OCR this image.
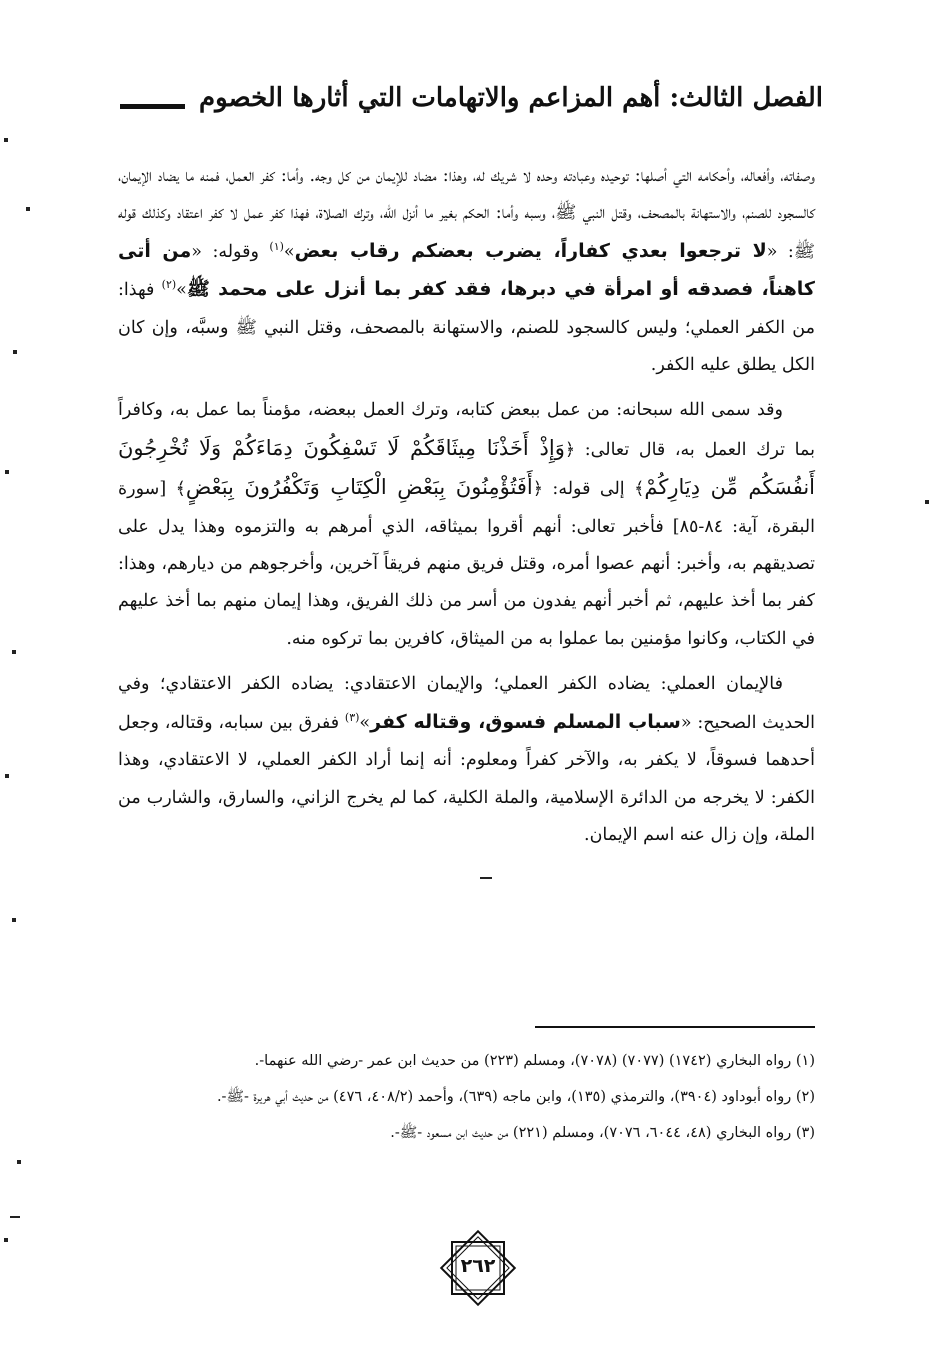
الفصل الثالث: أهم المزاعم والاتهامات التي أثارها الخصوم

وصفاته، وأفعاله، وأحكامه التي أصلها: توحيده وعبادته وحده لا شريك له، وهذا: مضاد للإيمان من كل وجه. وأما: كفر العمل، فمنه ما يضاد الإيمان، كالسجود للصنم، والاستهانة بالمصحف، وقتل النبي ﷺ، وسبه وأما: الحكم بغير ما أنزل الله، وترك الصلاة، فهذا كفر عمل لا كفر اعتقاد وكذلك قوله ﷺ: «لا ترجعوا بعدي كفاراً، يضرب بعضكم رقاب بعض»$^{(١)}$ وقوله: «من أتى كاهناً، فصدقه أو امرأة في دبرها، فقد كفر بما أنزل على محمد ﷺ»$^{(٢)}$ فهذا: من الكفر العملي؛ وليس كالسجود للصنم، والاستهانة بالمصحف، وقتل النبي ﷺ وسبَّه، وإن كان الكل يطلق عليه الكفر.

وقد سمى الله سبحانه: من عمل ببعض كتابه، وترك العمل ببعضه، مؤمناً بما عمل به، وكافراً بما ترك العمل به، قال تعالى: ﴿وَإِذْ أَخَذْنَا مِيثَاقَكُمْ لَا تَسْفِكُونَ دِمَاءَكُمْ وَلَا تُخْرِجُونَ أَنفُسَكُم مِّن دِيَارِكُمْ﴾ إلى قوله: ﴿أَفَتُؤْمِنُونَ بِبَعْضِ الْكِتَابِ وَتَكْفُرُونَ بِبَعْضٍ﴾ [سورة البقرة، آية: ٨٤-٨٥] فأخبر تعالى: أنهم أقروا بميثاقه، الذي أمرهم به والتزموه وهذا يدل على تصديقهم به، وأخبر: أنهم عصوا أمره، وقتل فريق منهم فريقاً آخرين، وأخرجوهم من ديارهم، وهذا: كفر بما أخذ عليهم، ثم أخبر أنهم يفدون من أسر من ذلك الفريق، وهذا إيمان منهم بما أخذ عليهم في الكتاب، وكانوا مؤمنين بما عملوا به من الميثاق، كافرين بما تركوه منه.

فالإيمان العملي: يضاده الكفر العملي؛ والإيمان الاعتقادي: يضاده الكفر الاعتقادي؛ وفي الحديث الصحيح: «سباب المسلم فسوق، وقتاله كفر»$^{(٣)}$ ففرق بين سبابه، وقتاله، وجعل أحدهما فسوقاً، لا يكفر به، والآخر كفراً ومعلوم: أنه إنما أراد الكفر العملي، لا الاعتقادي، وهذا الكفر: لا يخرجه من الدائرة الإسلامية، والملة الكلية، كما لم يخرج الزاني، والسارق، والشارب من الملة، وإن زال عنه اسم الإيمان.

(١) رواه البخاري (١٧٤٢) (٧٠٧٧) (٧٠٧٨)، ومسلم (٢٢٣) من حديث ابن عمر -رضي الله عنهما-.

(٢) رواه أبوداود (٣٩٠٤)، والترمذي (١٣٥)، وابن ماجه (٦٣٩)، وأحمد (٤٠٨/٢، ٤٧٦) من حديث أبي هريرة -ﷺ-.

(٣) رواه البخاري (٤٨، ٦٠٤٤، ٧٠٧٦)، ومسلم (٢٢١) من حديث ابن مسعود -ﷺ-.

٢٦٢
